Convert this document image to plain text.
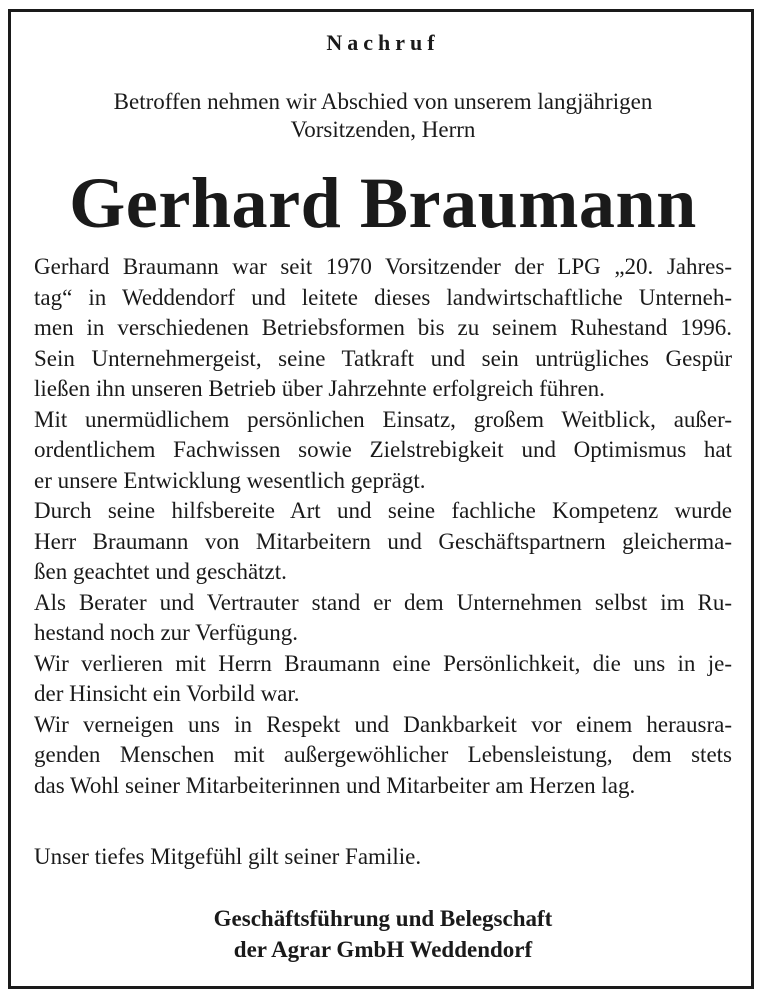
Nachruf
Betroffen nehmen wir Abschied von unserem langjährigen
Vorsitzenden, Herrn
Gerhard Braumann
Gerhard Braumann war seit 1970 Vorsitzender der LPG „20. Jahres-
tag“ in Weddendorf und leitete dieses landwirtschaftliche Unterneh-
men in verschiedenen Betriebsformen bis zu seinem Ruhestand 1996.
Sein Unternehmergeist, seine Tatkraft und sein untrügliches Gespür
ließen ihn unseren Betrieb über Jahrzehnte erfolgreich führen.
Mit unermüdlichem persönlichen Einsatz, großem Weitblick, außer-
ordentlichem Fachwissen sowie Zielstrebigkeit und Optimismus hat
er unsere Entwicklung wesentlich geprägt.
Durch seine hilfsbereite Art und seine fachliche Kompetenz wurde
Herr Braumann von Mitarbeitern und Geschäftspartnern gleicherma-
ßen geachtet und geschätzt.
Als Berater und Vertrauter stand er dem Unternehmen selbst im Ru-
hestand noch zur Verfügung.
Wir verlieren mit Herrn Braumann eine Persönlichkeit, die uns in je-
der Hinsicht ein Vorbild war.
Wir verneigen uns in Respekt und Dankbarkeit vor einem herausra-
genden Menschen mit außergewöhlicher Lebensleistung, dem stets
das Wohl seiner Mitarbeiterinnen und Mitarbeiter am Herzen lag.
Unser tiefes Mitgefühl gilt seiner Familie.
Geschäftsführung und Belegschaft
der Agrar GmbH Weddendorf
